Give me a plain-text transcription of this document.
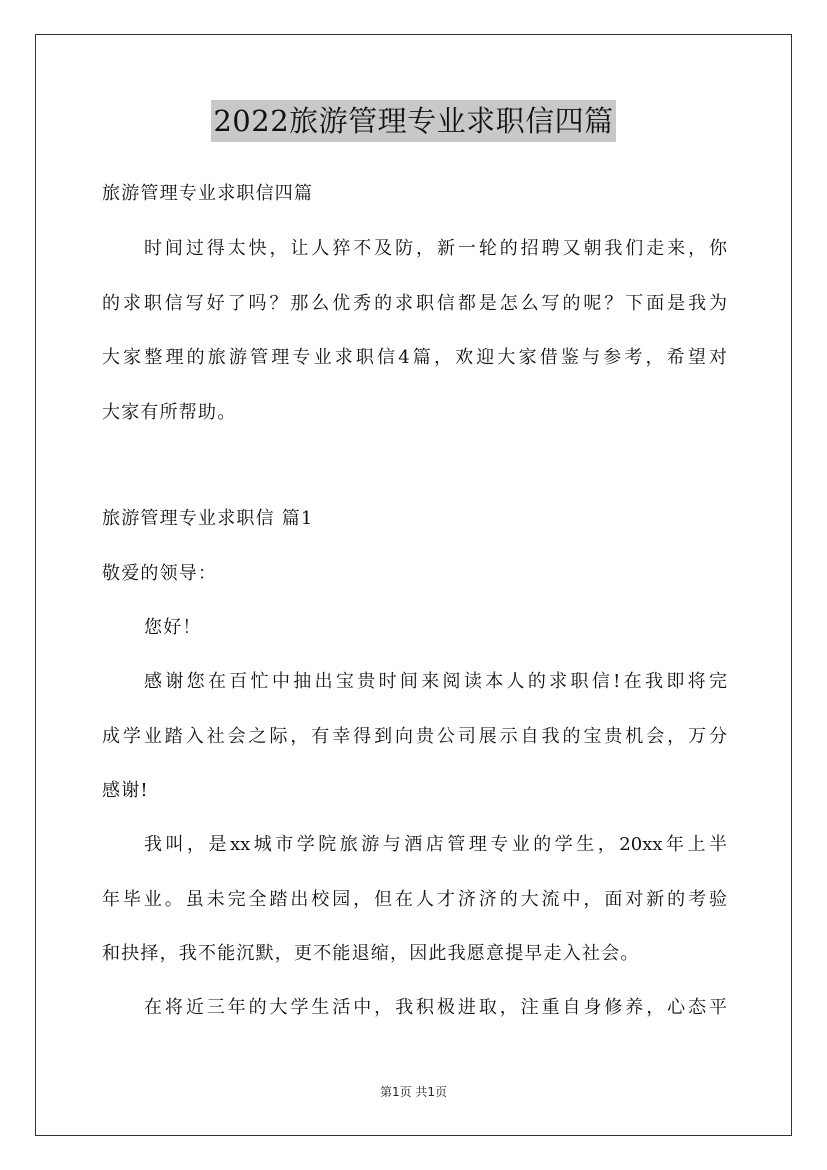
2022旅游管理专业求职信四篇
旅游管理专业求职信四篇
时间过得太快，让人猝不及防，新一轮的招聘又朝我们走来，你
的求职信写好了吗？那么优秀的求职信都是怎么写的呢？下面是我为
大家整理的旅游管理专业求职信4篇，欢迎大家借鉴与参考，希望对
大家有所帮助。
旅游管理专业求职信 篇1
敬爱的领导：
您好！
感谢您在百忙中抽出宝贵时间来阅读本人的求职信!在我即将完
成学业踏入社会之际，有幸得到向贵公司展示自我的宝贵机会，万分
感谢!
我叫，是xx城市学院旅游与酒店管理专业的学生，20xx年上半
年毕业。虽未完全踏出校园，但在人才济济的大流中，面对新的考验
和抉择，我不能沉默，更不能退缩，因此我愿意提早走入社会。
在将近三年的大学生活中，我积极进取，注重自身修养，心态平
第1页 共1页
